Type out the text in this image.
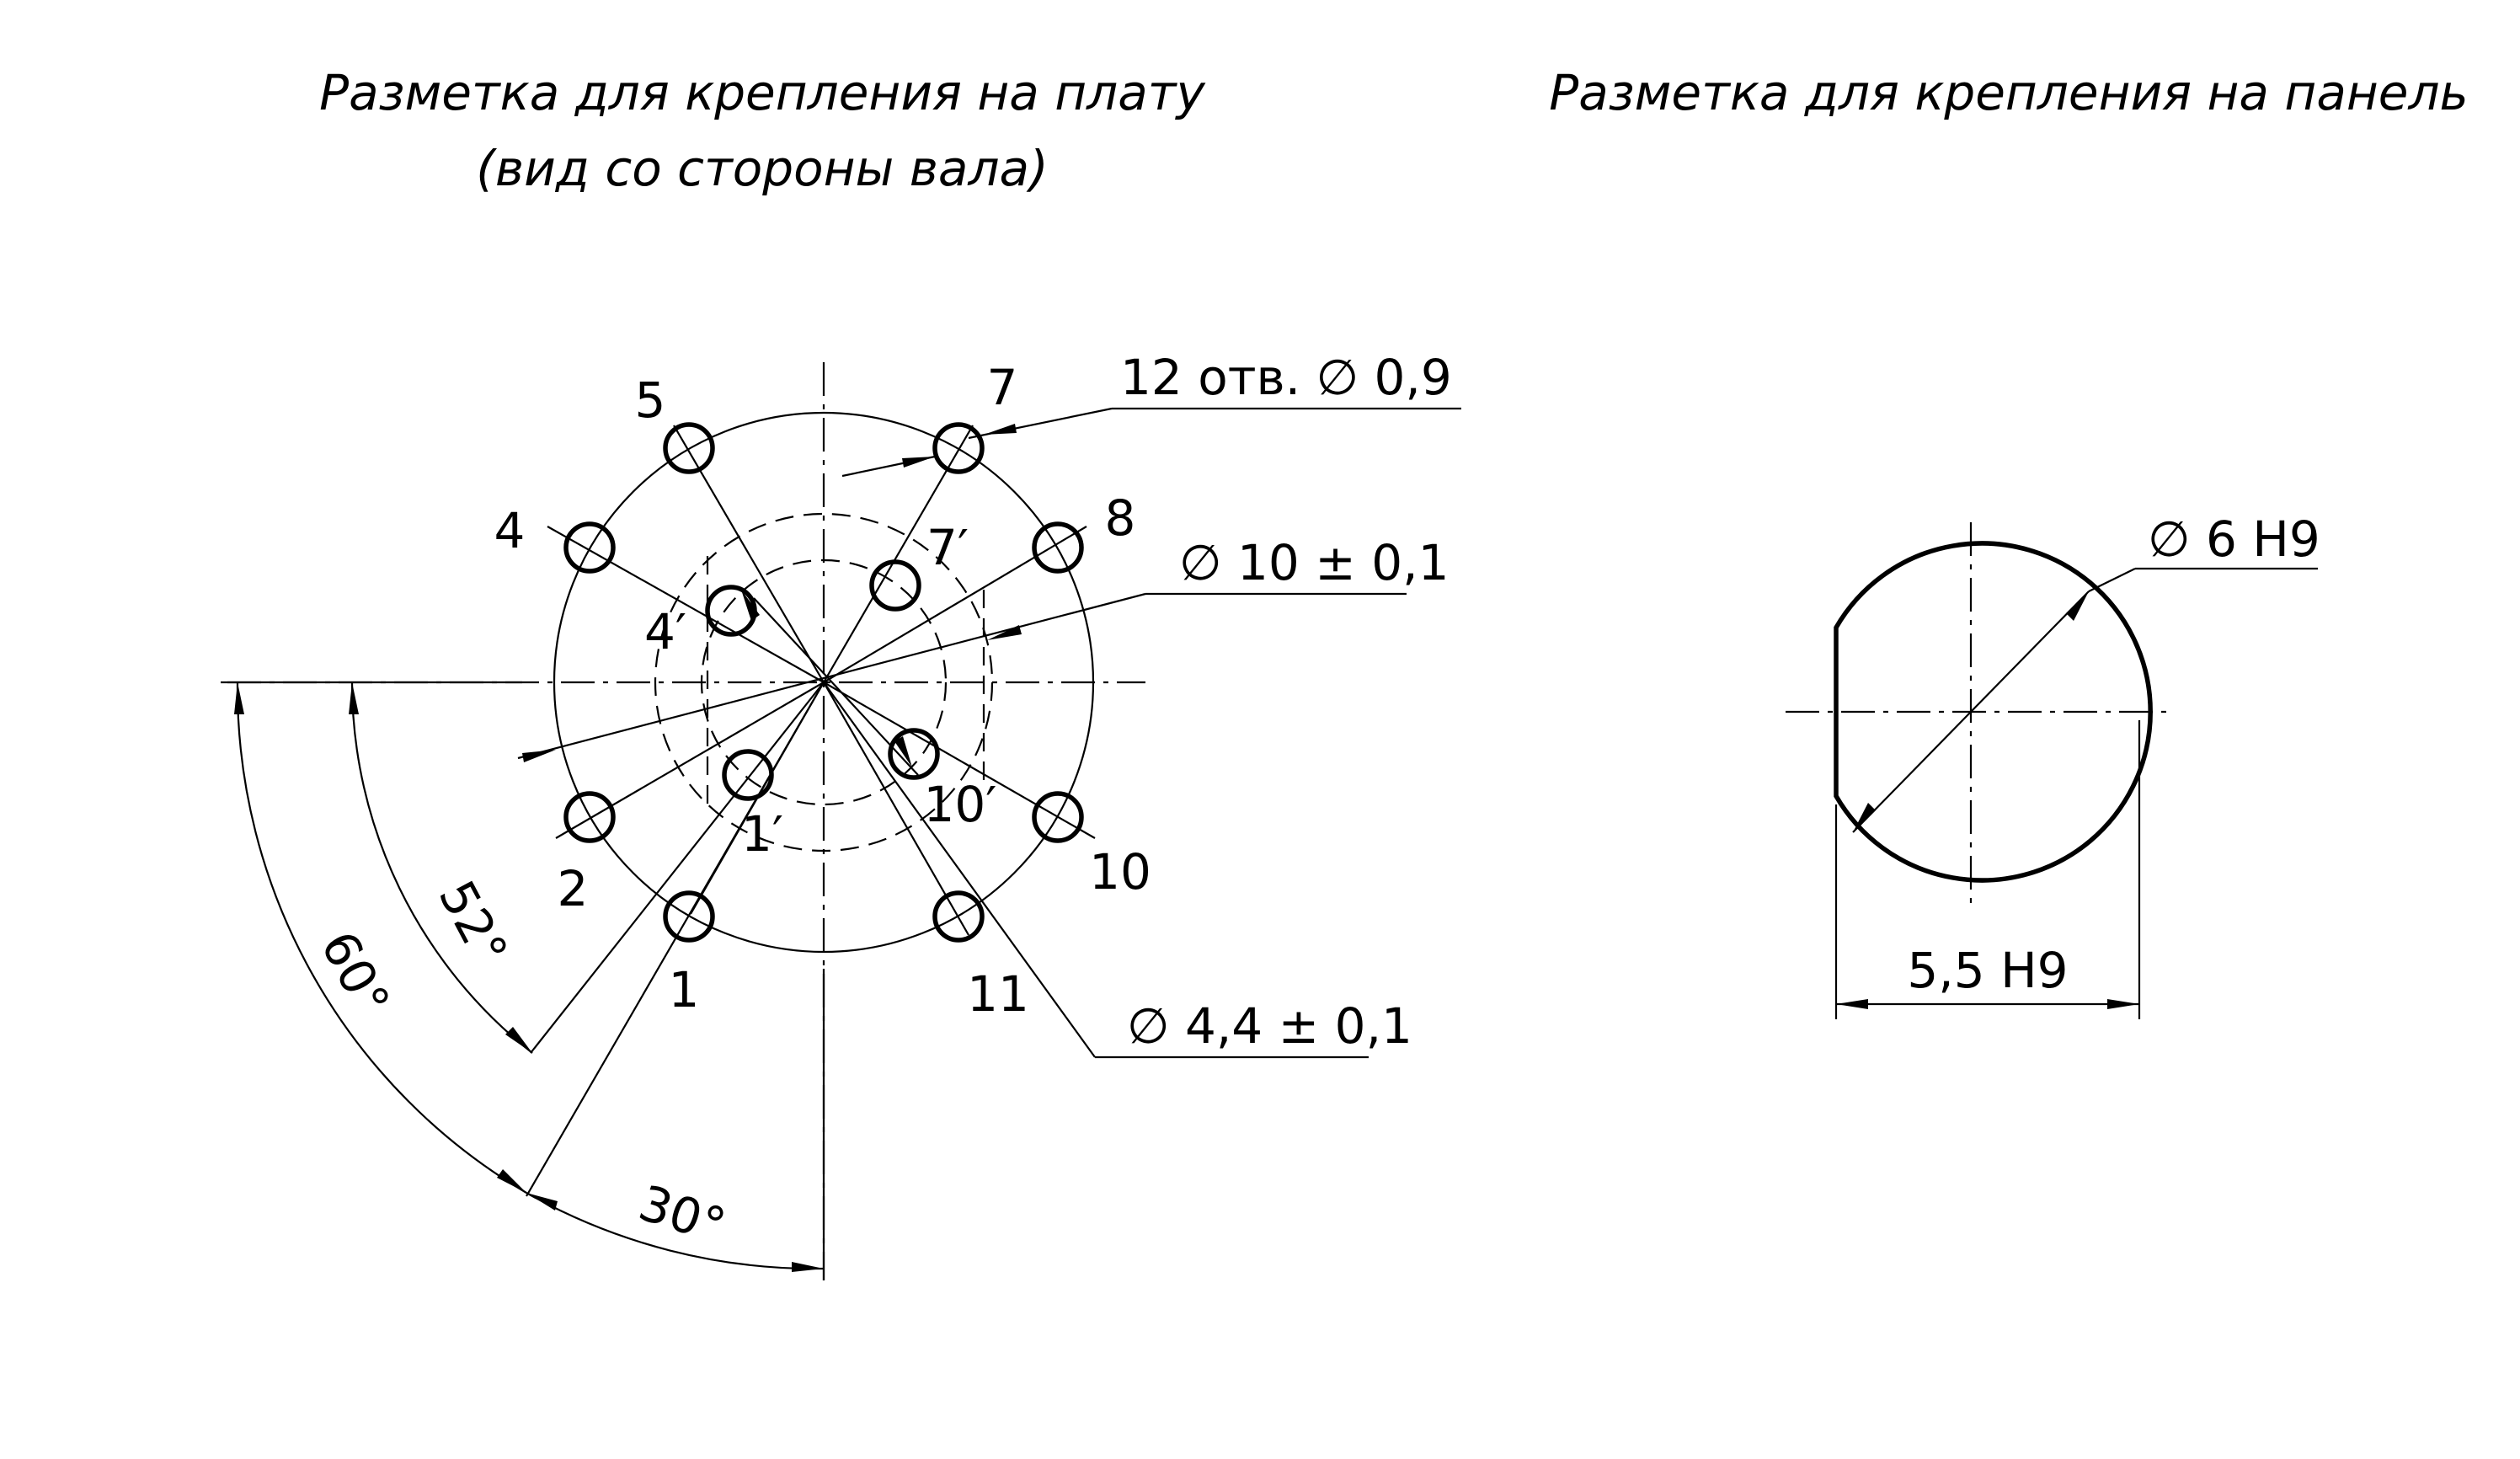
Разметка для крепления на плату
(вид со стороны вала)
Разметка для крепления на панель
1
2
4
5	7
8
10
11
1′
4′
7′
10′
12 отв. ∅ 0,9
∅ 10 ± 0,1
∅ 4,4 ± 0,1
52°
60°
30°
∅ 6 H9
5,5 H9
